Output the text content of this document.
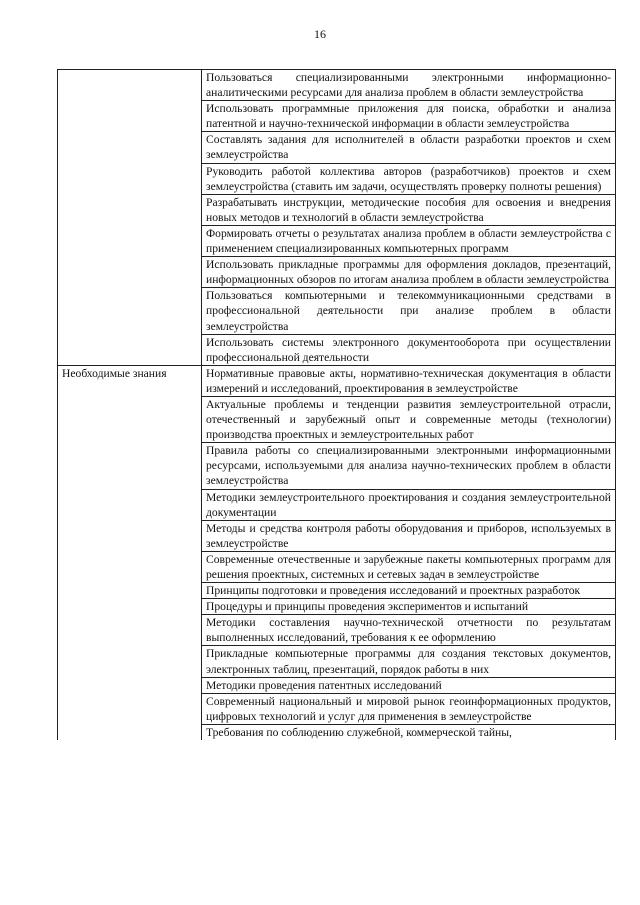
16
	Пользоваться специализированными электронными информационно-аналитическими ресурсами для анализа проблем в области землеустройства
	Использовать программные приложения для поиска, обработки и анализа патентной и научно-технической информации в области землеустройства
	Составлять задания для исполнителей в области разработки проектов и схем землеустройства
	Руководить работой коллектива авторов (разработчиков) проектов и схем землеустройства (ставить им задачи, осуществлять проверку полноты решения)
	Разрабатывать инструкции, методические пособия для освоения и внедрения новых методов и технологий в области землеустройства
	Формировать отчеты о результатах анализа проблем в области землеустройства с применением специализированных компьютерных программ
	Использовать прикладные программы для оформления докладов, презентаций, информационных обзоров по итогам анализа проблем в области землеустройства
	Пользоваться компьютерными и телекоммуникационными средствами в профессиональной деятельности при анализе проблем в области землеустройства
	Использовать системы электронного документооборота при осуществлении профессиональной деятельности
Необходимые знания	Нормативные правовые акты, нормативно-техническая документация в области измерений и исследований, проектирования в землеустройстве
	Актуальные проблемы и тенденции развития землеустроительной отрасли, отечественный и зарубежный опыт и современные методы (технологии) производства проектных и землеустроительных работ
	Правила работы со специализированными электронными информационными ресурсами, используемыми для анализа научно-технических проблем в области землеустройства
	Методики землеустроительного проектирования и создания землеустроительной документации
	Методы и средства контроля работы оборудования и приборов, используемых в землеустройстве
	Современные отечественные и зарубежные пакеты компьютерных программ для решения проектных, системных и сетевых задач в землеустройстве
	Принципы подготовки и проведения исследований и проектных разработок
	Процедуры и принципы проведения экспериментов и испытаний
	Методики составления научно-технической отчетности по результатам выполненных исследований, требования к ее оформлению
	Прикладные компьютерные программы для создания текстовых документов, электронных таблиц, презентаций, порядок работы в них
	Методики проведения патентных исследований
	Современный национальный и мировой рынок геоинформационных продуктов, цифровых технологий и услуг для применения в землеустройстве
	Требования по соблюдению служебной, коммерческой тайны,
